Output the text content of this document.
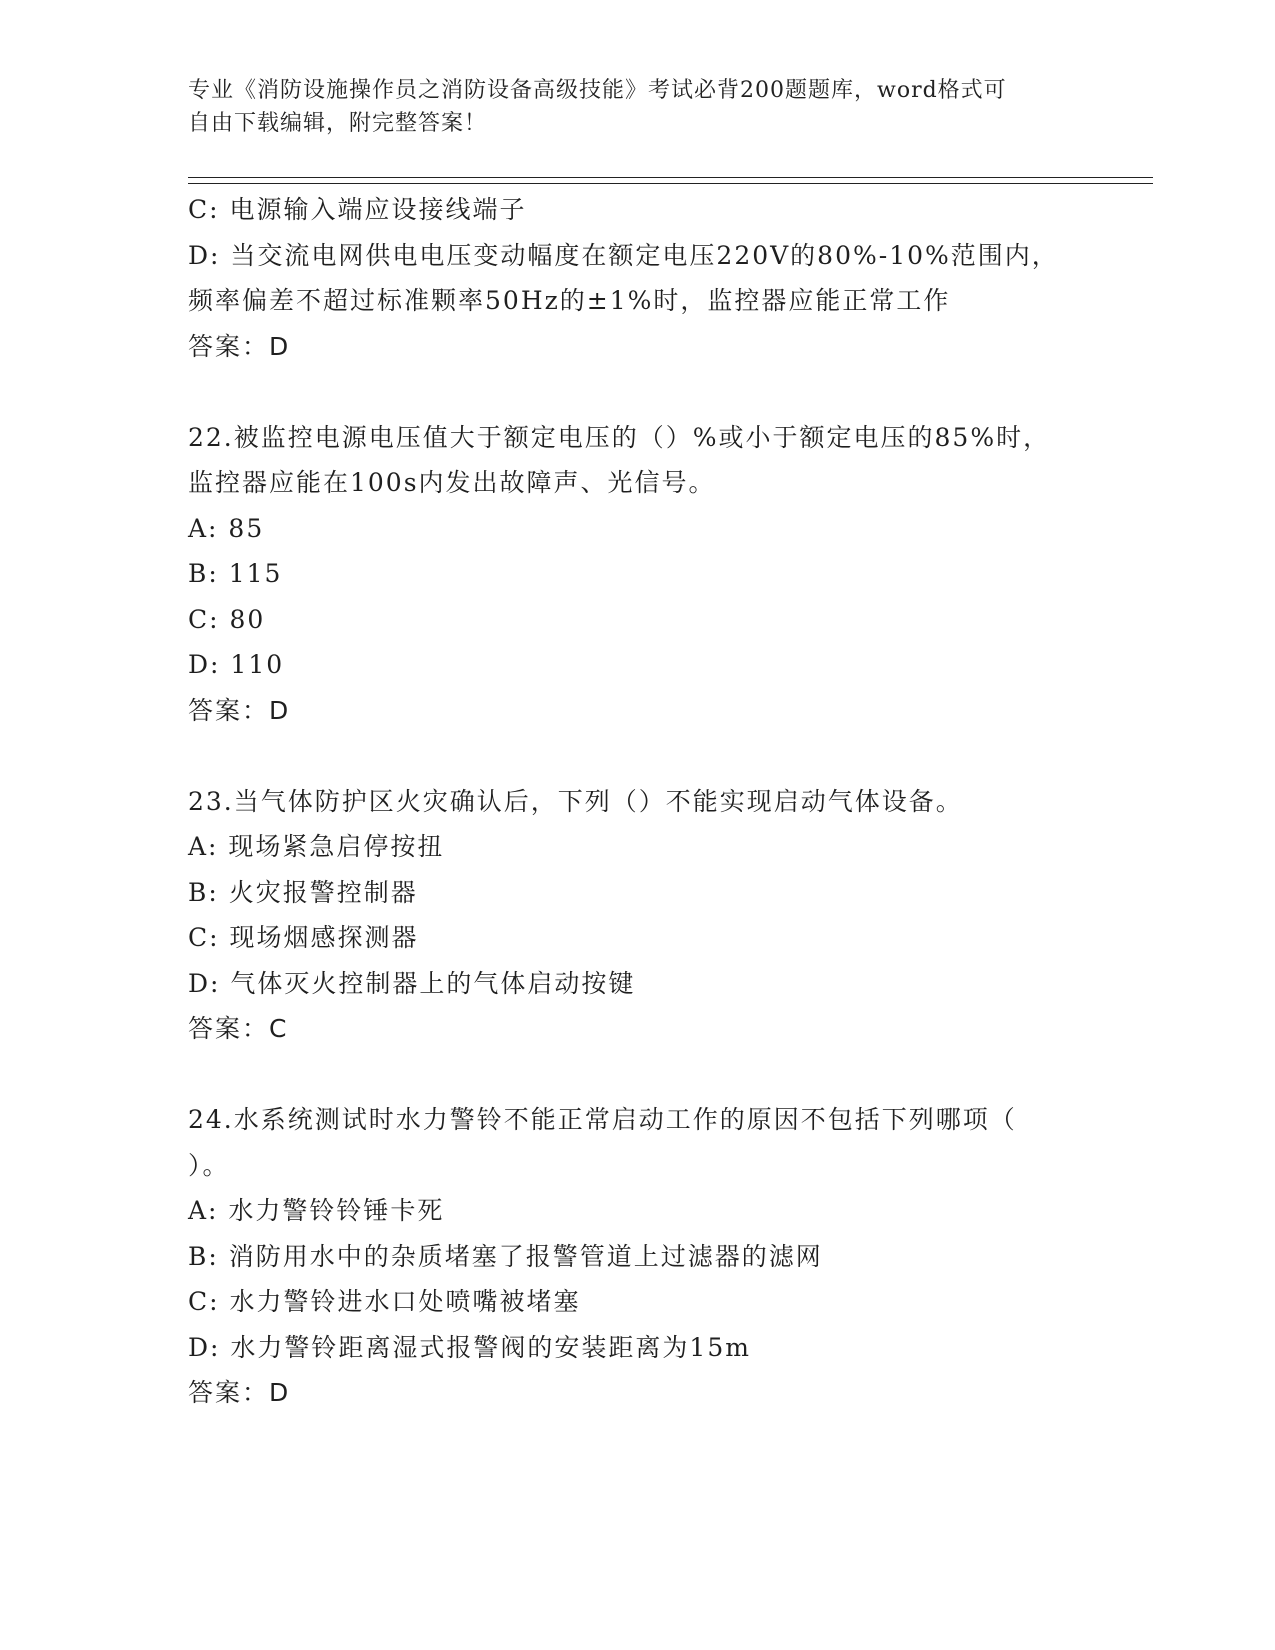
专业《消防设施操作员之消防设备高级技能》考试必背200题题库，word格式可
自由下载编辑，附完整答案！
C: 电源输入端应设接线端子
D: 当交流电网供电电压变动幅度在额定电压220V的80%-10%范围内，
频率偏差不超过标准颗率50Hz的±1%时，监控器应能正常工作
答案：D
22.被监控电源电压值大于额定电压的（）%或小于额定电压的85%时，
监控器应能在100s内发出故障声、光信号。
A: 85
B: 115
C: 80
D: 110
答案：D
23.当气体防护区火灾确认后，下列（）不能实现启动气体设备。
A: 现场紧急启停按扭
B: 火灾报警控制器
C: 现场烟感探测器
D: 气体灭火控制器上的气体启动按键
答案：C
24.水系统测试时水力警铃不能正常启动工作的原因不包括下列哪项（
）。
A: 水力警铃铃锤卡死
B: 消防用水中的杂质堵塞了报警管道上过滤器的滤网
C: 水力警铃进水口处喷嘴被堵塞
D: 水力警铃距离湿式报警阀的安装距离为15m
答案：D
